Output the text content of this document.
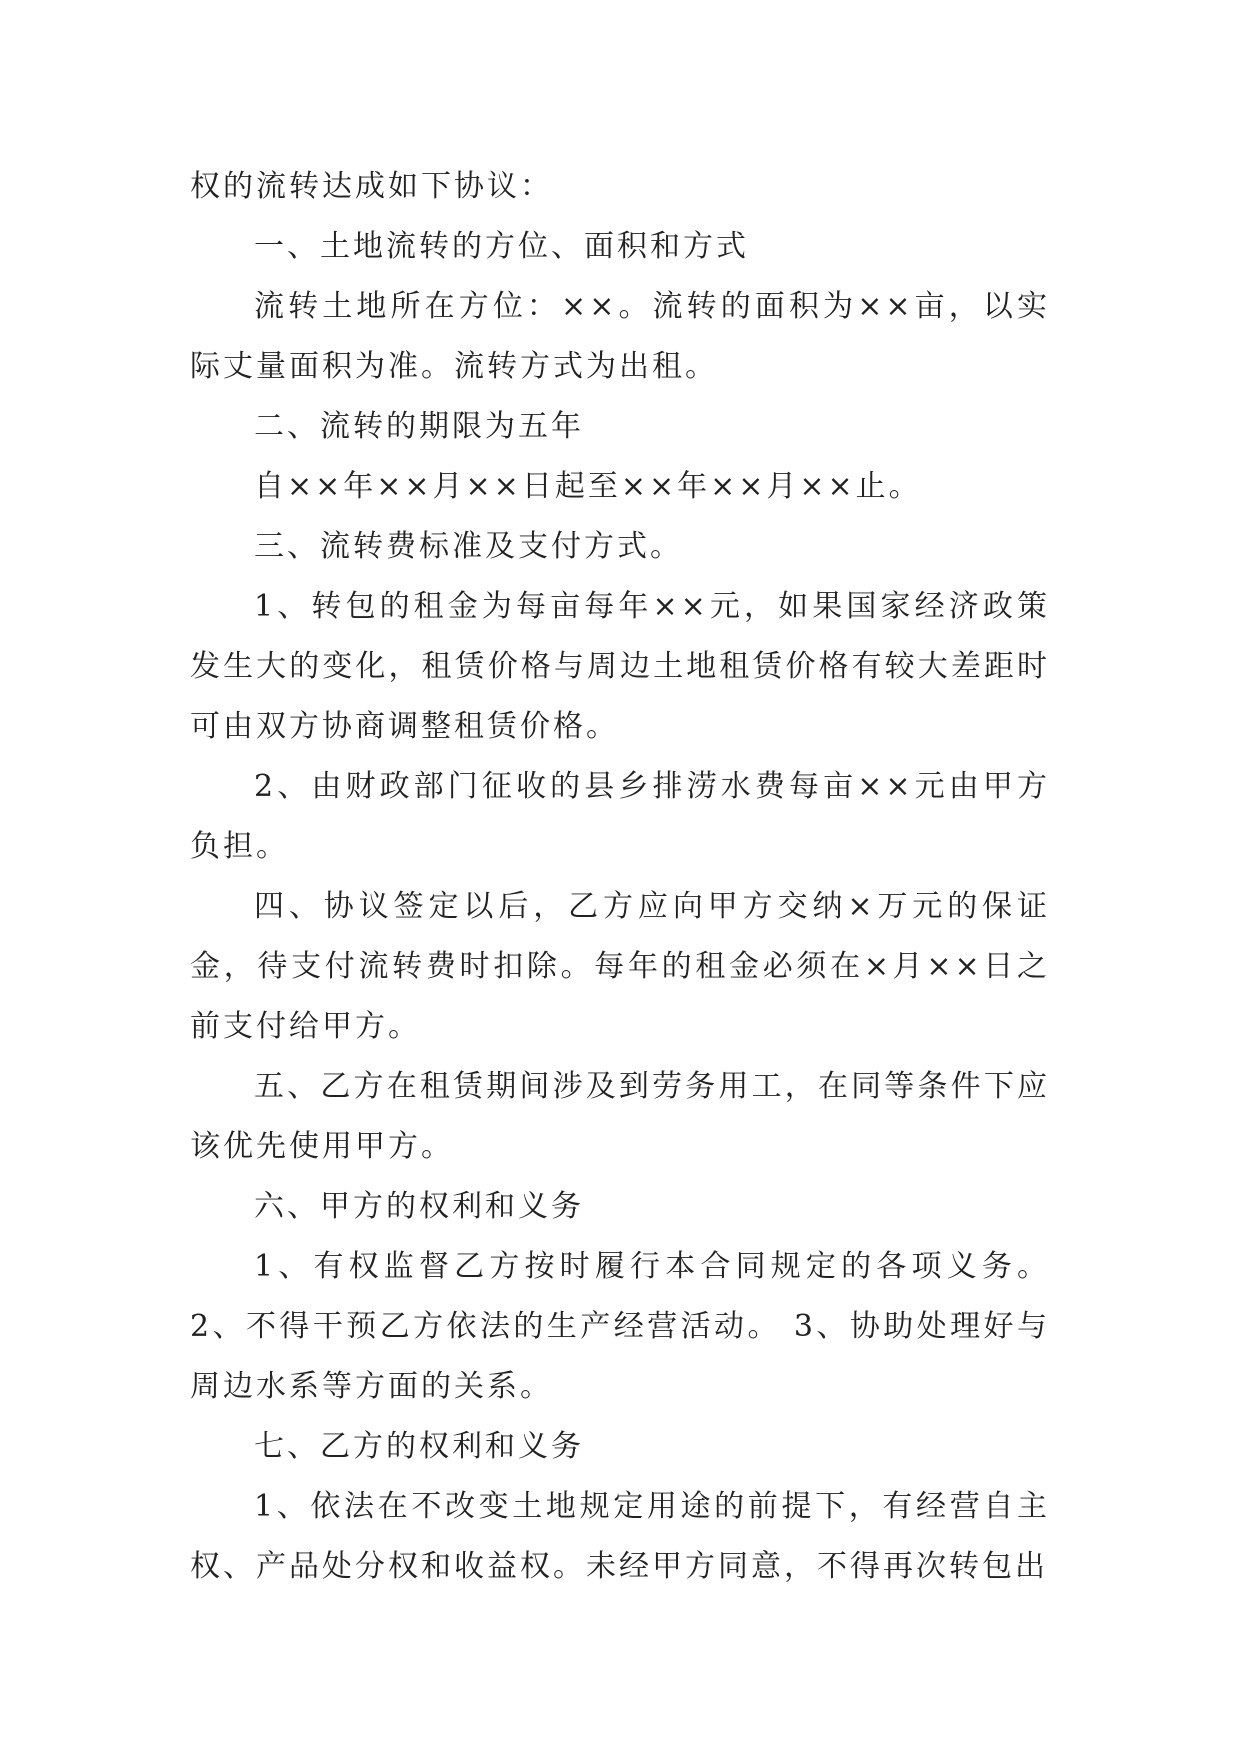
权的流转达成如下协议：

一、土地流转的方位、面积和方式

流转土地所在方位：××。流转的面积为××亩，以实际丈量面积为准。流转方式为出租。

二、流转的期限为五年

自××年××月××日起至××年××月××止。

三、流转费标准及支付方式。

1、转包的租金为每亩每年××元，如果国家经济政策发生大的变化，租赁价格与周边土地租赁价格有较大差距时可由双方协商调整租赁价格。

2、由财政部门征收的县乡排涝水费每亩××元由甲方负担。

四、协议签定以后，乙方应向甲方交纳×万元的保证金，待支付流转费时扣除。每年的租金必须在×月××日之前支付给甲方。

五、乙方在租赁期间涉及到劳务用工，在同等条件下应该优先使用甲方。

六、甲方的权利和义务

1、有权监督乙方按时履行本合同规定的各项义务。 2、不得干预乙方依法的生产经营活动。 3、协助处理好与周边水系等方面的关系。

七、乙方的权利和义务

1、依法在不改变土地规定用途的前提下，有经营自主权、产品处分权和收益权。未经甲方同意，不得再次转包出
